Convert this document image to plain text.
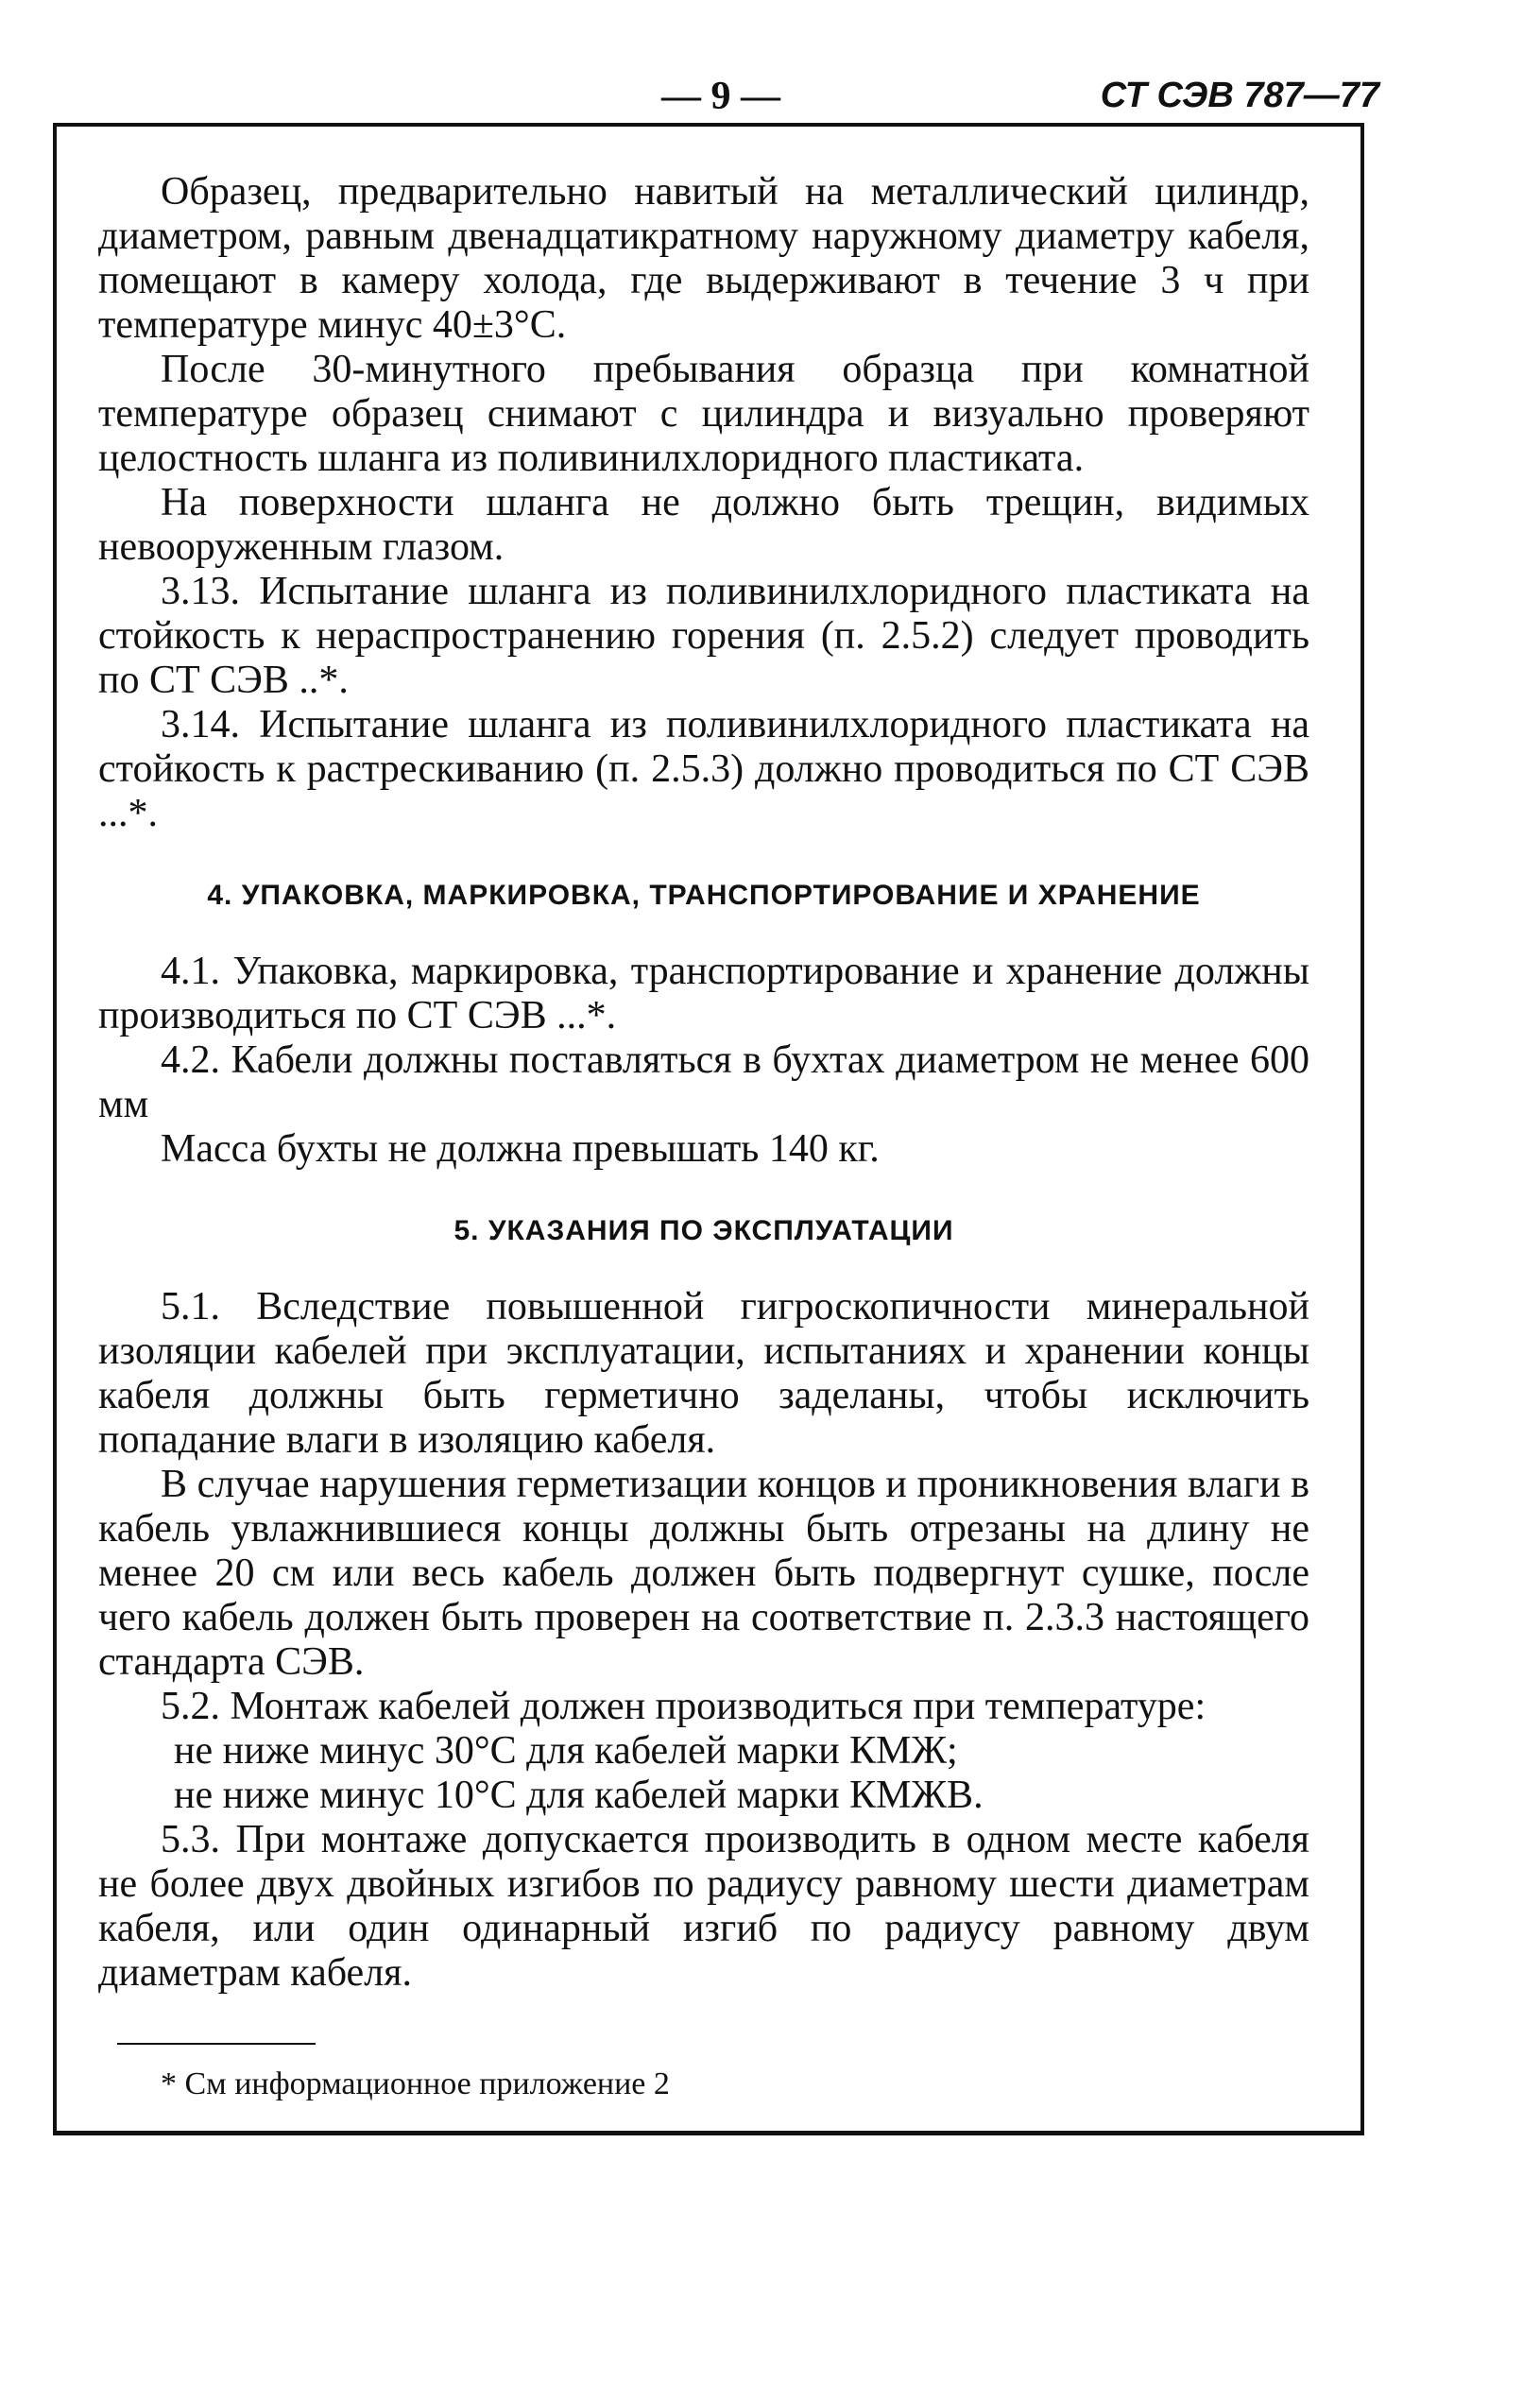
— 9 —	СТ СЭВ 787—77

Образец, предварительно навитый на металлический цилиндр, диаметром, равным двенадцатикратному наружному диаметру кабеля, помещают в камеру холода, где выдерживают в течение 3 ч при температуре минус 40±3°С.

После 30-минутного пребывания образца при комнатной температуре образец снимают с цилиндра и визуально проверяют целостность шланга из поливинилхлоридного пластиката.

На поверхности шланга не должно быть трещин, видимых невооруженным глазом.

3.13. Испытание шланга из поливинилхлоридного пластиката на стойкость к нераспространению горения (п. 2.5.2) следует проводить по СТ СЭВ ..*.

3.14. Испытание шланга из поливинилхлоридного пластиката на стойкость к растрескиванию (п. 2.5.3) должно проводиться по СТ СЭВ ...*.

4. УПАКОВКА, МАРКИРОВКА, ТРАНСПОРТИРОВАНИЕ И ХРАНЕНИЕ

4.1. Упаковка, маркировка, транспортирование и хранение должны производиться по СТ СЭВ ...*.

4.2. Кабели должны поставляться в бухтах диаметром не менее 600 мм

Масса бухты не должна превышать 140 кг.

5. УКАЗАНИЯ ПО ЭКСПЛУАТАЦИИ

5.1. Вследствие повышенной гигроскопичности минеральной изоляции кабелей при эксплуатации, испытаниях и хранении концы кабеля должны быть герметично заделаны, чтобы исключить попадание влаги в изоляцию кабеля.

В случае нарушения герметизации концов и проникновения влаги в кабель увлажнившиеся концы должны быть отрезаны на длину не менее 20 см или весь кабель должен быть подвергнут сушке, после чего кабель должен быть проверен на соответствие п. 2.3.3 настоящего стандарта СЭВ.

5.2. Монтаж кабелей должен производиться при температуре:

не ниже минус 30°С для кабелей марки КМЖ;

не ниже минус 10°С для кабелей марки КМЖВ.

5.3. При монтаже допускается производить в одном месте кабеля не более двух двойных изгибов по радиусу равному шести диаметрам кабеля, или один одинарный изгиб по радиусу равному двум диаметрам кабеля.

* См информационное приложение 2
